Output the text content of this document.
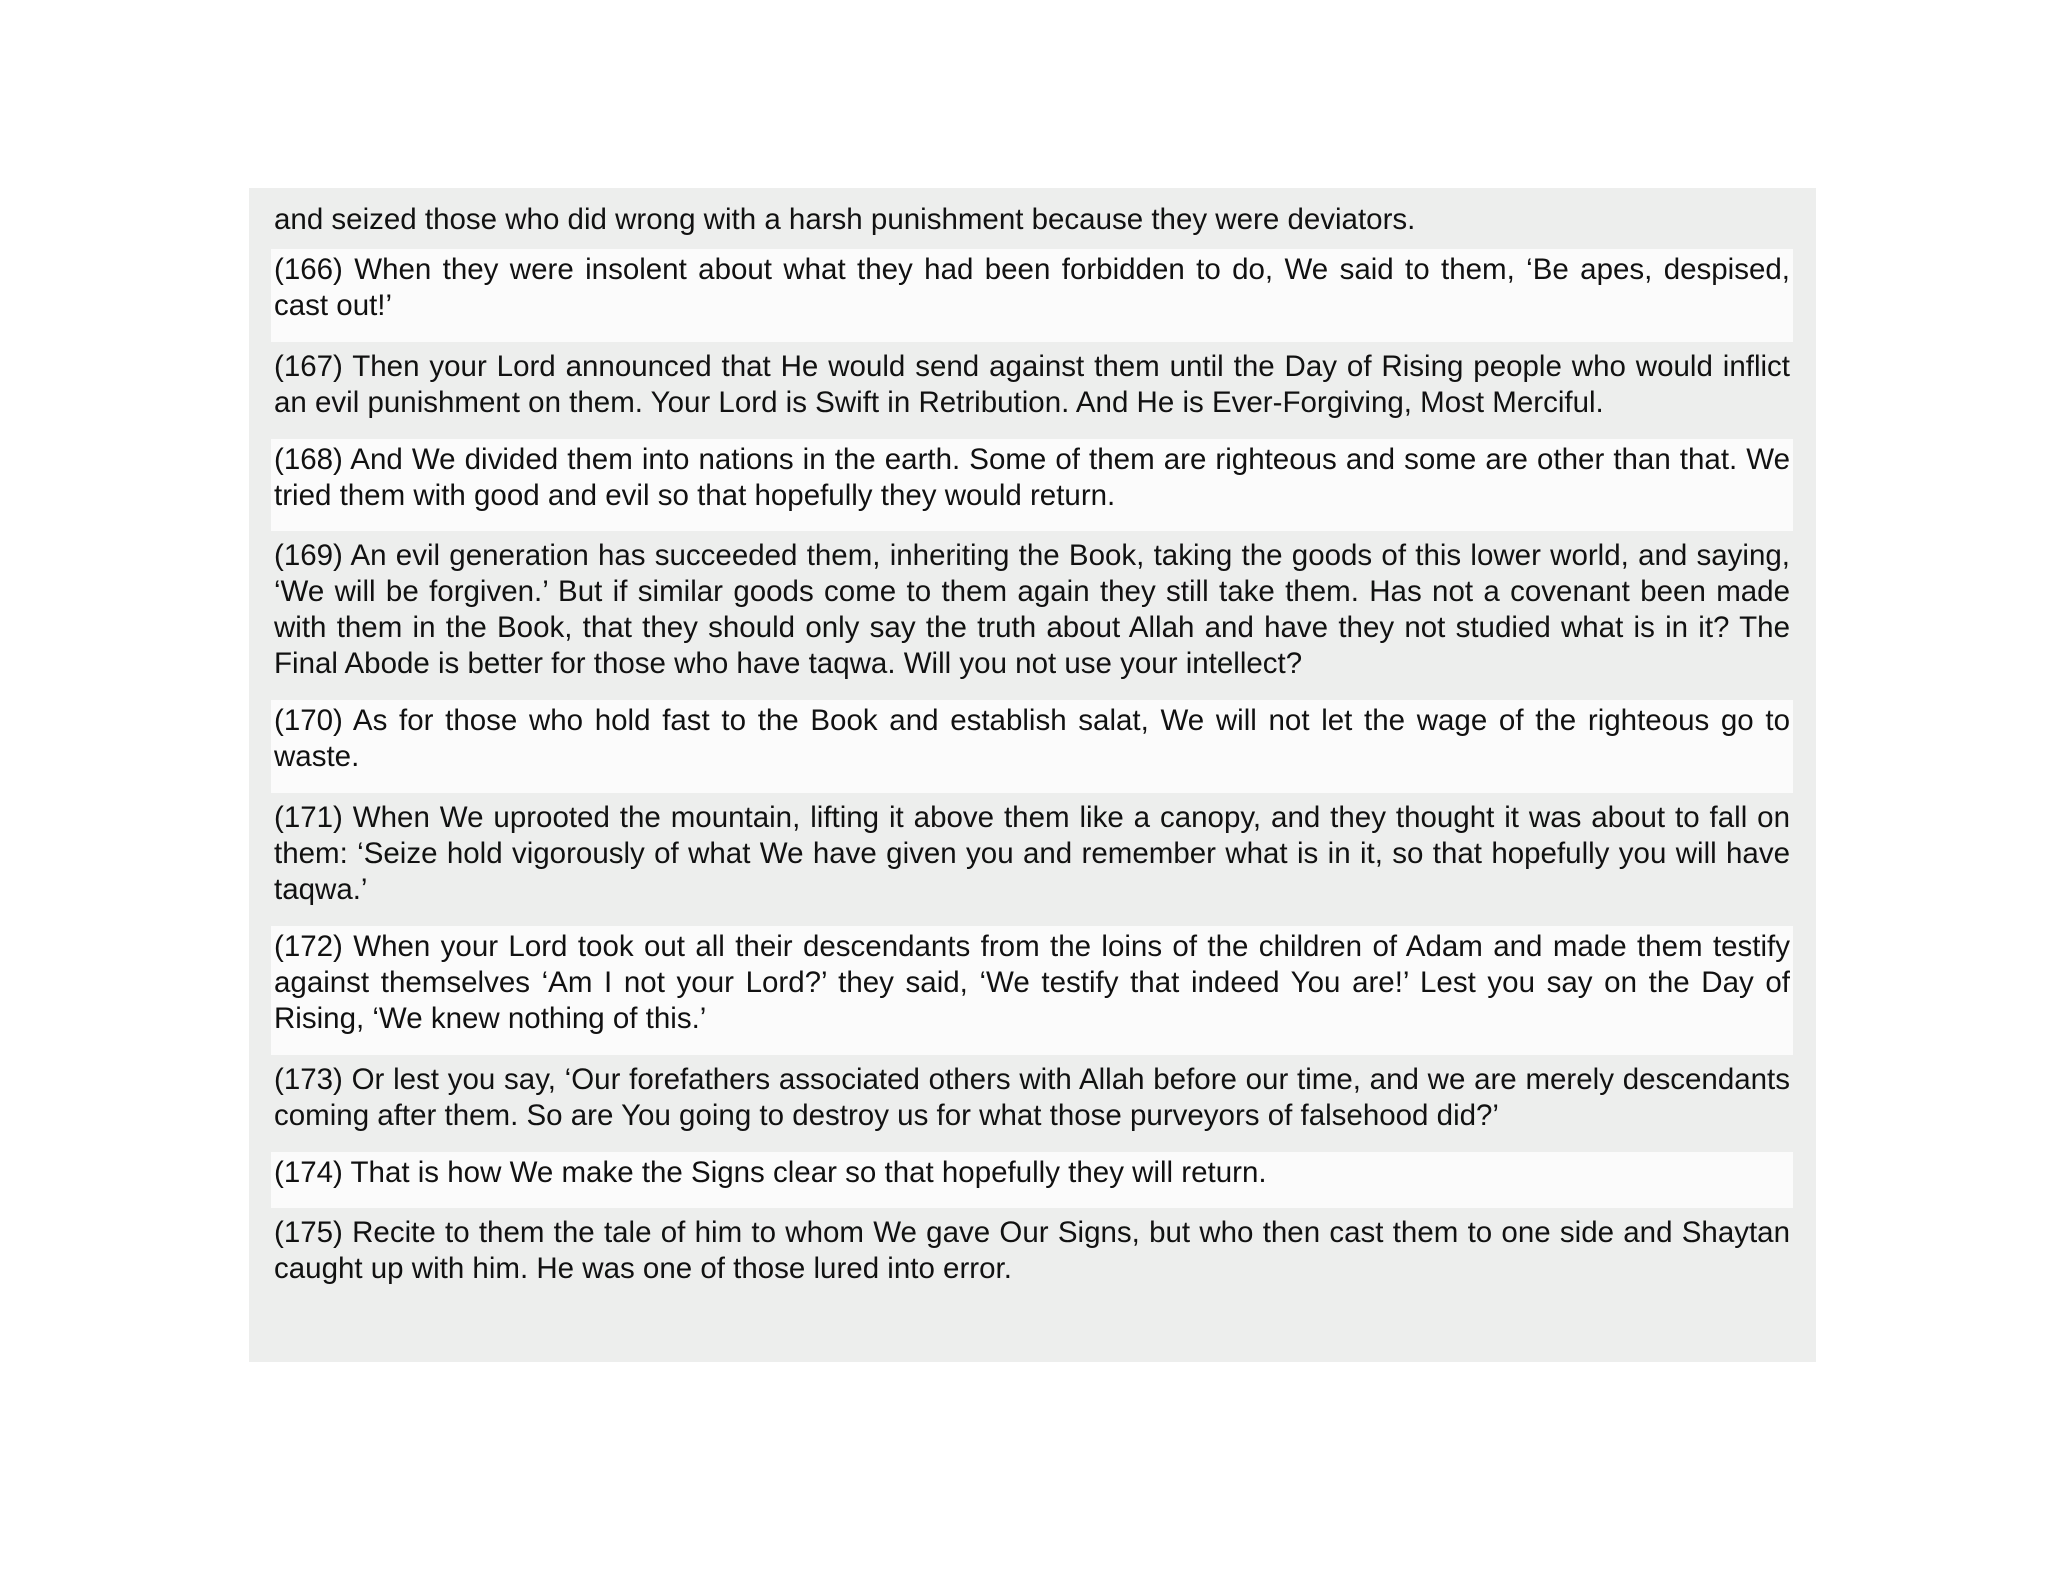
and seized those who did wrong with a harsh punishment because they were deviators.
(166) When they were insolent about what they had been forbidden to do, We said to them, ‘Be apes, despised, cast out!’
(167) Then your Lord announced that He would send against them until the Day of Rising people who would inflict an evil punishment on them. Your Lord is Swift in Retribution. And He is Ever-Forgiving, Most Merciful.
(168) And We divided them into nations in the earth. Some of them are righteous and some are other than that. We tried them with good and evil so that hopefully they would return.
(169) An evil generation has succeeded them, inheriting the Book, taking the goods of this lower world, and saying, ‘We will be forgiven.’ But if similar goods come to them again they still take them. Has not a covenant been made with them in the Book, that they should only say the truth about Allah and have they not studied what is in it? The Final Abode is better for those who have taqwa. Will you not use your intellect?
(170) As for those who hold fast to the Book and establish salat, We will not let the wage of the righteous go to waste.
(171) When We uprooted the mountain, lifting it above them like a canopy, and they thought it was about to fall on them: ‘Seize hold vigorously of what We have given you and remember what is in it, so that hopefully you will have taqwa.’
(172) When your Lord took out all their descendants from the loins of the children of Adam and made them testify against themselves ‘Am I not your Lord?’ they said, ‘We testify that indeed You are!’ Lest you say on the Day of Rising, ‘We knew nothing of this.’
(173) Or lest you say, ‘Our forefathers associated others with Allah before our time, and we are merely descendants coming after them. So are You going to destroy us for what those purveyors of falsehood did?’
(174) That is how We make the Signs clear so that hopefully they will return.
(175) Recite to them the tale of him to whom We gave Our Signs, but who then cast them to one side and Shaytan caught up with him. He was one of those lured into error.
